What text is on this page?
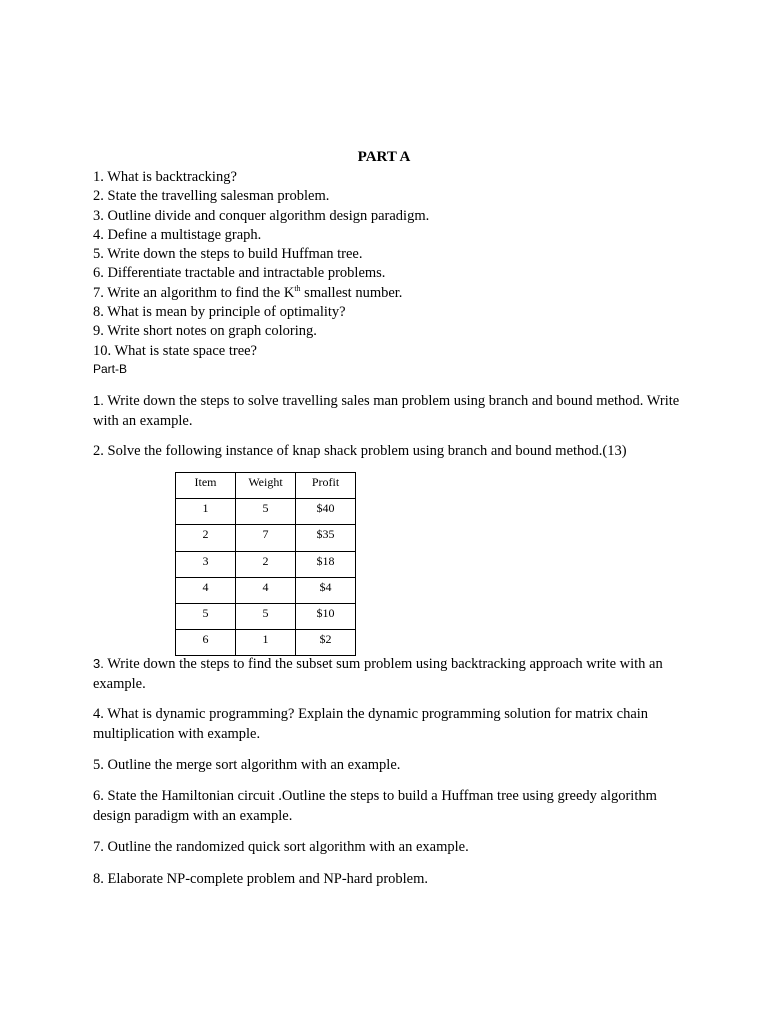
PART A
1. What is backtracking?
2. State the travelling salesman problem.
3. Outline divide and conquer algorithm design paradigm.
4. Define a multistage graph.
5. Write down the steps to build Huffman tree.
6. Differentiate tractable and intractable problems.
7. Write an algorithm to find the $K^{th}$ smallest number.
8. What is mean by principle of optimality?
9. Write short notes on graph coloring.
10. What is state space tree?
Part-B
1. Write down the steps to solve travelling sales man problem using branch and bound method. Write with an example.
2. Solve the following instance of knap shack problem using branch and bound method.(13)
Item	Weight	Profit
1	5	$40
2	7	$35
3	2	$18
4	4	$4
5	5	$10
6	1	$2
3. Write down the steps to find the subset sum problem using backtracking approach write with an example.
4. What is dynamic programming? Explain the dynamic programming solution for matrix chain multiplication with example.
5. Outline the merge sort algorithm with an example.
6. State the Hamiltonian circuit .Outline the steps to build a Huffman tree using greedy algorithm design paradigm with an example.
7. Outline the randomized quick sort algorithm with an example.
8. Elaborate NP-complete problem and NP-hard problem.
